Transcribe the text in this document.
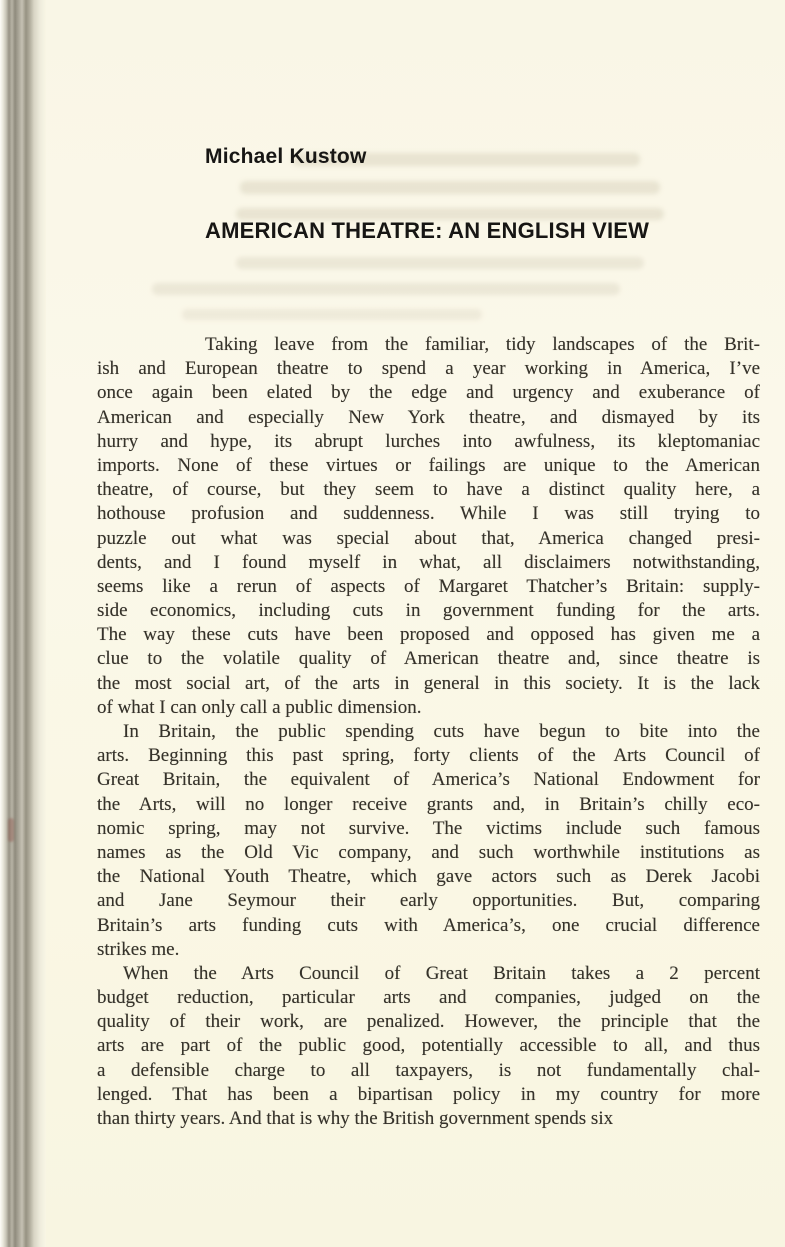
Michael Kustow
AMERICAN THEATRE: AN ENGLISH VIEW
Taking leave from the familiar, tidy landscapes of the Brit-
ish and European theatre to spend a year working in America, I’ve
once again been elated by the edge and urgency and exuberance of
American and especially New York theatre, and dismayed by its
hurry and hype, its abrupt lurches into awfulness, its kleptomaniac
imports. None of these virtues or failings are unique to the American
theatre, of course, but they seem to have a distinct quality here, a
hothouse profusion and suddenness. While I was still trying to
puzzle out what was special about that, America changed presi-
dents, and I found myself in what, all disclaimers notwithstanding,
seems like a rerun of aspects of Margaret Thatcher’s Britain: supply-
side economics, including cuts in government funding for the arts.
The way these cuts have been proposed and opposed has given me a
clue to the volatile quality of American theatre and, since theatre is
the most social art, of the arts in general in this society. It is the lack
of what I can only call a public dimension.
In Britain, the public spending cuts have begun to bite into the
arts. Beginning this past spring, forty clients of the Arts Council of
Great Britain, the equivalent of America’s National Endowment for
the Arts, will no longer receive grants and, in Britain’s chilly eco-
nomic spring, may not survive. The victims include such famous
names as the Old Vic company, and such worthwhile institutions as
the National Youth Theatre, which gave actors such as Derek Jacobi
and Jane Seymour their early opportunities. But, comparing
Britain’s arts funding cuts with America’s, one crucial difference
strikes me.
When the Arts Council of Great Britain takes a 2 percent
budget reduction, particular arts and companies, judged on the
quality of their work, are penalized. However, the principle that the
arts are part of the public good, potentially accessible to all, and thus
a defensible charge to all taxpayers, is not fundamentally chal-
lenged. That has been a bipartisan policy in my country for more
than thirty years. And that is why the British government spends six
